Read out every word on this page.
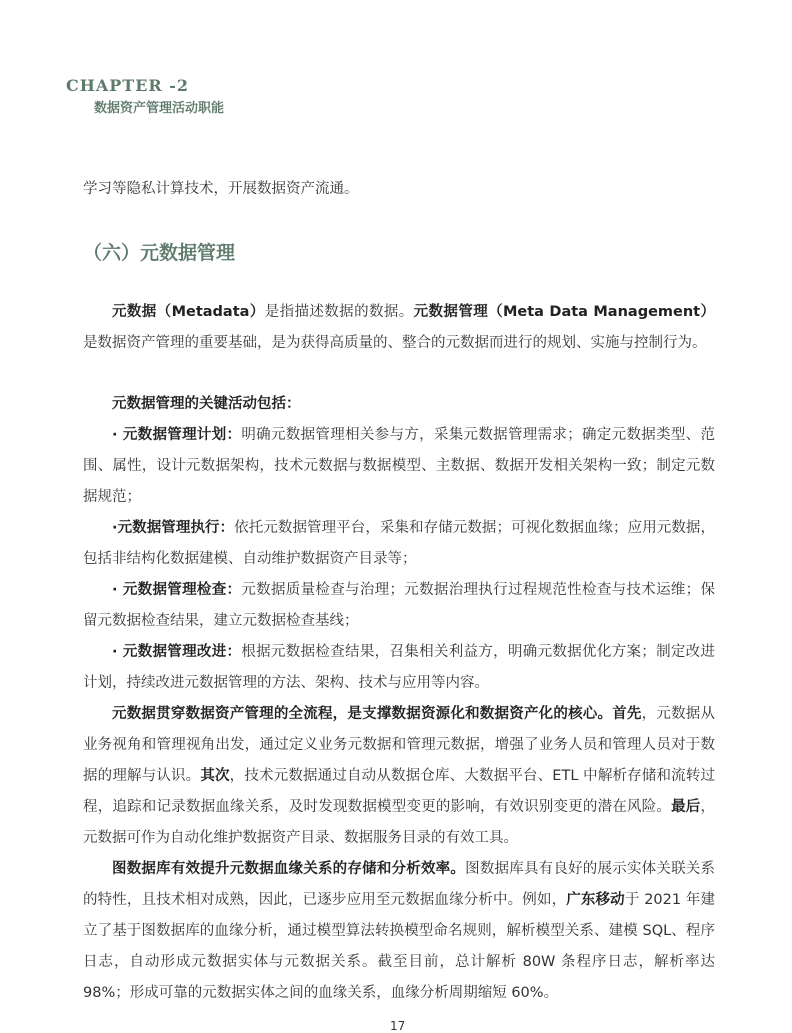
CHAPTER -2
数据资产管理活动职能

学习等隐私计算技术，开展数据资产流通。

（六）元数据管理

元数据（Metadata）是指描述数据的数据。元数据管理（Meta Data Management）是数据资产管理的重要基础，是为获得高质量的、整合的元数据而进行的规划、实施与控制行为。

元数据管理的关键活动包括：

· 元数据管理计划：明确元数据管理相关参与方，采集元数据管理需求；确定元数据类型、范围、属性，设计元数据架构，技术元数据与数据模型、主数据、数据开发相关架构一致；制定元数据规范；

·元数据管理执行：依托元数据管理平台，采集和存储元数据；可视化数据血缘；应用元数据，包括非结构化数据建模、自动维护数据资产目录等；

· 元数据管理检查：元数据质量检查与治理；元数据治理执行过程规范性检查与技术运维；保留元数据检查结果，建立元数据检查基线；

· 元数据管理改进：根据元数据检查结果，召集相关利益方，明确元数据优化方案；制定改进计划，持续改进元数据管理的方法、架构、技术与应用等内容。

元数据贯穿数据资产管理的全流程，是支撑数据资源化和数据资产化的核心。首先，元数据从业务视角和管理视角出发，通过定义业务元数据和管理元数据，增强了业务人员和管理人员对于数据的理解与认识。其次，技术元数据通过自动从数据仓库、大数据平台、ETL 中解析存储和流转过程，追踪和记录数据血缘关系，及时发现数据模型变更的影响，有效识别变更的潜在风险。最后，元数据可作为自动化维护数据资产目录、数据服务目录的有效工具。

图数据库有效提升元数据血缘关系的存储和分析效率。图数据库具有良好的展示实体关联关系的特性，且技术相对成熟，因此，已逐步应用至元数据血缘分析中。例如，广东移动于 2021 年建立了基于图数据库的血缘分析，通过模型算法转换模型命名规则，解析模型关系、建模 SQL、程序日志，自动形成元数据实体与元数据关系。截至目前，总计解析 80W 条程序日志，解析率达 98%；形成可靠的元数据实体之间的血缘关系，血缘分析周期缩短 60%。

17
